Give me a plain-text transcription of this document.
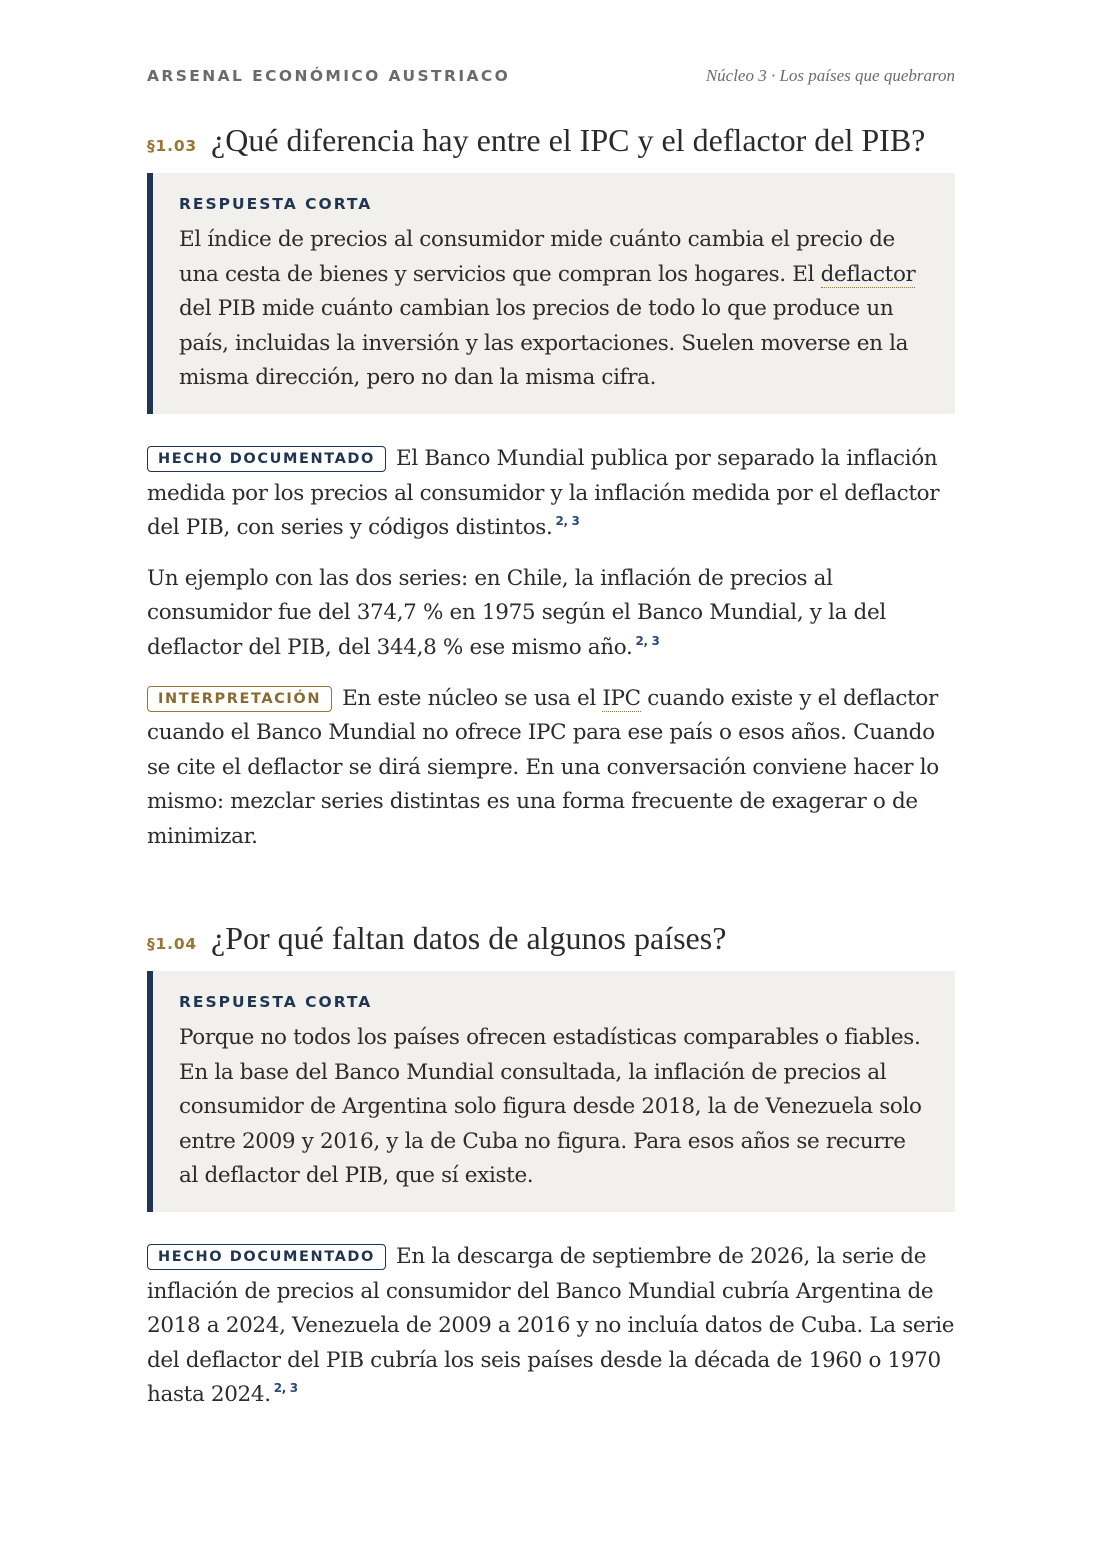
ARSENAL ECONÓMICO AUSTRIACO	Núcleo 3 · Los países que quebraron
§1.03 ¿Qué diferencia hay entre el IPC y el deflactor del PIB?
RESPUESTA CORTA
El índice de precios al consumidor mide cuánto cambia el precio de una cesta de bienes y servicios que compran los hogares. El deflactor del PIB mide cuánto cambian los precios de todo lo que produce un país, incluidas la inversión y las exportaciones. Suelen moverse en la misma dirección, pero no dan la misma cifra.

HECHO DOCUMENTADO El Banco Mundial publica por separado la inflación medida por los precios al consumidor y la inflación medida por el deflactor del PIB, con series y códigos distintos. $^{2, 3}$

Un ejemplo con las dos series: en Chile, la inflación de precios al consumidor fue del 374,7 % en 1975 según el Banco Mundial, y la del deflactor del PIB, del 344,8 % ese mismo año. $^{2, 3}$

INTERPRETACIÓN En este núcleo se usa el IPC cuando existe y el deflactor cuando el Banco Mundial no ofrece IPC para ese país o esos años. Cuando se cite el deflactor se dirá siempre. En una conversación conviene hacer lo mismo: mezclar series distintas es una forma frecuente de exagerar o de minimizar.

§1.04 ¿Por qué faltan datos de algunos países?
RESPUESTA CORTA
Porque no todos los países ofrecen estadísticas comparables o fiables. En la base del Banco Mundial consultada, la inflación de precios al consumidor de Argentina solo figura desde 2018, la de Venezuela solo entre 2009 y 2016, y la de Cuba no figura. Para esos años se recurre al deflactor del PIB, que sí existe.

HECHO DOCUMENTADO En la descarga de septiembre de 2026, la serie de inflación de precios al consumidor del Banco Mundial cubría Argentina de 2018 a 2024, Venezuela de 2009 a 2016 y no incluía datos de Cuba. La serie del deflactor del PIB cubría los seis países desde la década de 1960 o 1970 hasta 2024. $^{2, 3}$
